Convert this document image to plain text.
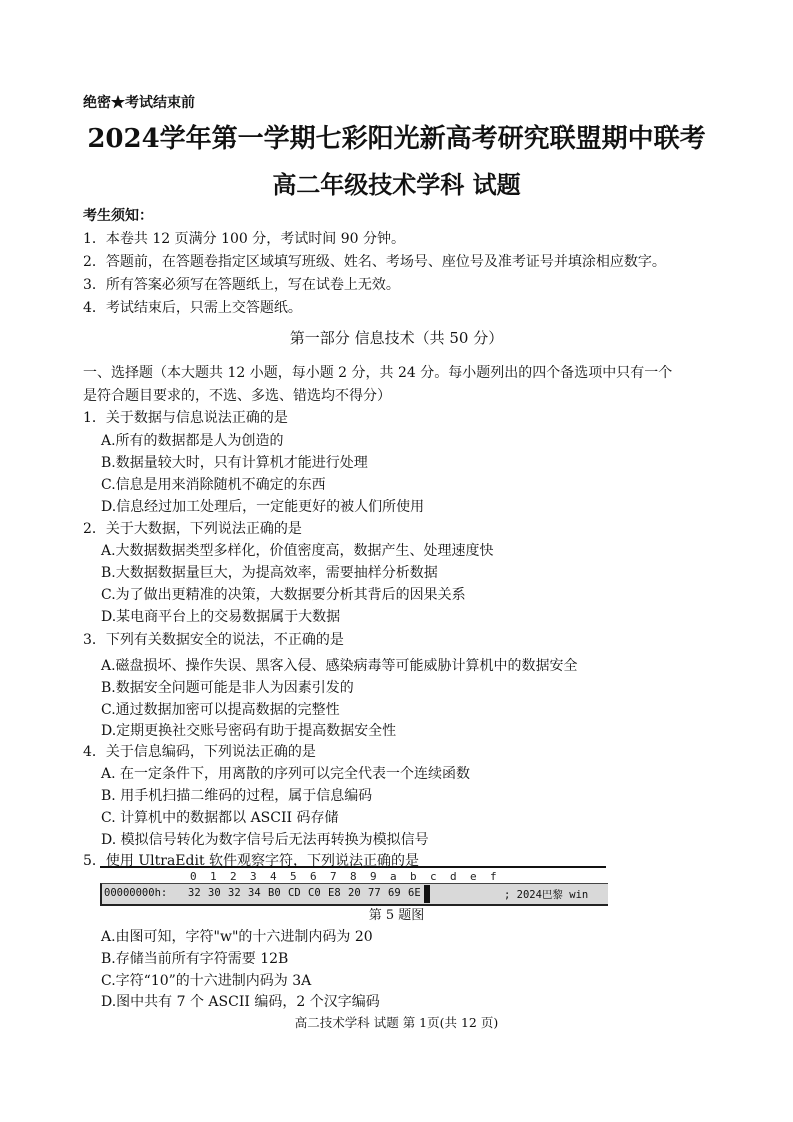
绝密★考试结束前
2024学年第一学期七彩阳光新高考研究联盟期中联考
高二年级技术学科 试题
考生须知：
1．本卷共 12 页满分 100 分，考试时间 90 分钟。
2．答题前，在答题卷指定区域填写班级、姓名、考场号、座位号及准考证号并填涂相应数字。
3．所有答案必须写在答题纸上，写在试卷上无效。
4．考试结束后，只需上交答题纸。
第一部分 信息技术（共 50 分）
一、选择题（本大题共 12 小题，每小题 2 分，共 24 分。每小题列出的四个备选项中只有一个
是符合题目要求的，不选、多选、错选均不得分）
1．关于数据与信息说法正确的是
A.所有的数据都是人为创造的
B.数据量较大时，只有计算机才能进行处理
C.信息是用来消除随机不确定的东西
D.信息经过加工处理后，一定能更好的被人们所使用
2．关于大数据，下列说法正确的是
A.大数据数据类型多样化，价值密度高，数据产生、处理速度快
B.大数据数据量巨大，为提高效率，需要抽样分析数据
C.为了做出更精准的决策，大数据要分析其背后的因果关系
D.某电商平台上的交易数据属于大数据
3．下列有关数据安全的说法，不正确的是
A.磁盘损坏、操作失误、黑客入侵、感染病毒等可能威胁计算机中的数据安全
B.数据安全问题可能是非人为因素引发的
C.通过数据加密可以提高数据的完整性
D.定期更换社交账号密码有助于提高数据安全性
4．关于信息编码，下列说法正确的是
A. 在一定条件下，用离散的序列可以完全代表一个连续函数
B. 用手机扫描二维码的过程，属于信息编码
C. 计算机中的数据都以 ASCII 码存储
D. 模拟信号转化为数字信号后无法再转换为模拟信号
5．使用 UltraEdit 软件观察字符，下列说法正确的是
0 1 2 3 4 5 6 7 8 9 a b c d e f
00000000h: 32 30 32 34 B0 CD C0 E8 20 77 69 6E	; 2024巴黎 win
第 5 题图
A.由图可知，字符"w"的十六进制内码为 20
B.存储当前所有字符需要 12B
C.字符“10”的十六进制内码为 3A
D.图中共有 7 个 ASCII 编码，2 个汉字编码
高二技术学科 试题 第 1页(共 12 页)
